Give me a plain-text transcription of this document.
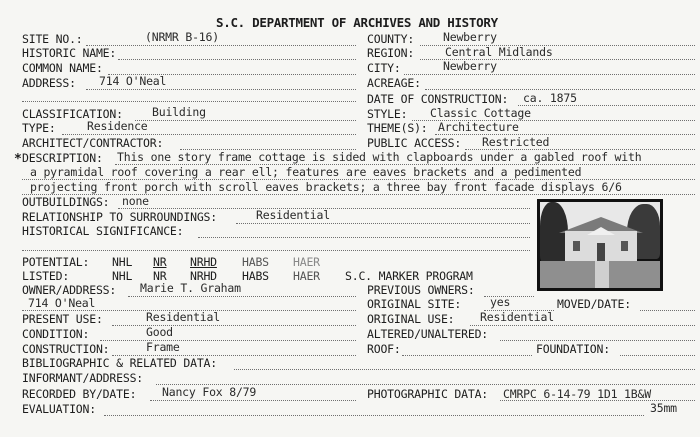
S.C. DEPARTMENT OF ARCHIVES AND HISTORY
SITE NO.:	(NRMR B-16)
HISTORIC NAME:
COMMON NAME:
ADDRESS: 714 O'Neal
CLASSIFICATION:	Building
TYPE:	Residence
ARCHITECT/CONTRACTOR:
COUNTY:	Newberry
REGION:	Central Midlands
CITY:	Newberry
ACREAGE:
DATE OF CONSTRUCTION: ca. 1875
STYLE: Classic Cottage
THEME(S): Architecture
PUBLIC ACCESS: Restricted
* DESCRIPTION: This one story frame cottage is sided with clapboards under a gabled roof with
a pyramidal roof covering a rear ell; features are eaves brackets and a pedimented
projecting front porch with scroll eaves brackets; a three bay front facade displays 6/6
OUTBUILDINGS: none
RELATIONSHIP TO SURROUNDINGS:	Residential
HISTORICAL SIGNIFICANCE:
POTENTIAL: NHL NR NRHD HABS HAER
LISTED:	NHL NR NRHD HABS HAER S.C. MARKER PROGRAM
OWNER/ADDRESS: Marie T. Graham
714 O'Neal
PREVIOUS OWNERS:
PRESENT USE:	Residential
CONDITION:	Good
CONSTRUCTION:	Frame
ORIGINAL SITE:	yes	MOVED/DATE:
ORIGINAL USE: Residential
ALTERED/UNALTERED:
ROOF:	FOUNDATION:
BIBLIOGRAPHIC & RELATED DATA:
INFORMANT/ADDRESS:
RECORDED BY/DATE: Nancy Fox 8/79	PHOTOGRAPHIC DATA: CMRPC 6-14-79 1D1 1B&W
35mm
EVALUATION:
